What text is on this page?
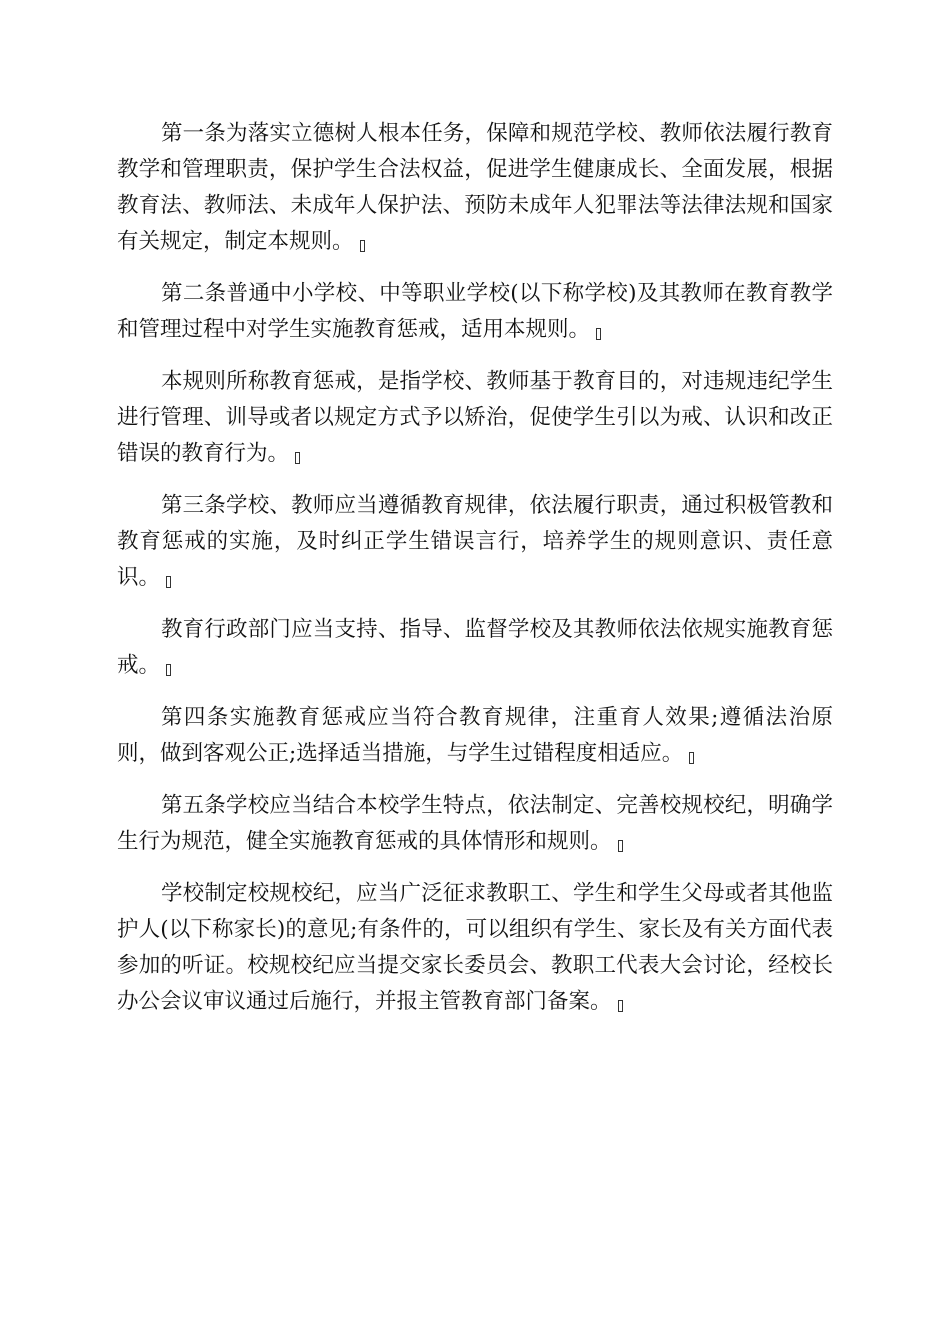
第一条为落实立德树人根本任务，保障和规范学校、教师依法履行教育教学和管理职责，保护学生合法权益，促进学生健康成长、全面发展，根据教育法、教师法、未成年人保护法、预防未成年人犯罪法等法律法规和国家有关规定，制定本规则。

第二条普通中小学校、中等职业学校(以下称学校)及其教师在教育教学和管理过程中对学生实施教育惩戒，适用本规则。

本规则所称教育惩戒，是指学校、教师基于教育目的，对违规违纪学生进行管理、训导或者以规定方式予以矫治，促使学生引以为戒、认识和改正错误的教育行为。

第三条学校、教师应当遵循教育规律，依法履行职责，通过积极管教和教育惩戒的实施，及时纠正学生错误言行，培养学生的规则意识、责任意识。

教育行政部门应当支持、指导、监督学校及其教师依法依规实施教育惩戒。

第四条实施教育惩戒应当符合教育规律，注重育人效果;遵循法治原则，做到客观公正;选择适当措施，与学生过错程度相适应。

第五条学校应当结合本校学生特点，依法制定、完善校规校纪，明确学生行为规范，健全实施教育惩戒的具体情形和规则。

学校制定校规校纪，应当广泛征求教职工、学生和学生父母或者其他监护人(以下称家长)的意见;有条件的，可以组织有学生、家长及有关方面代表参加的听证。校规校纪应当提交家长委员会、教职工代表大会讨论，经校长办公会议审议通过后施行，并报主管教育部门备案。
